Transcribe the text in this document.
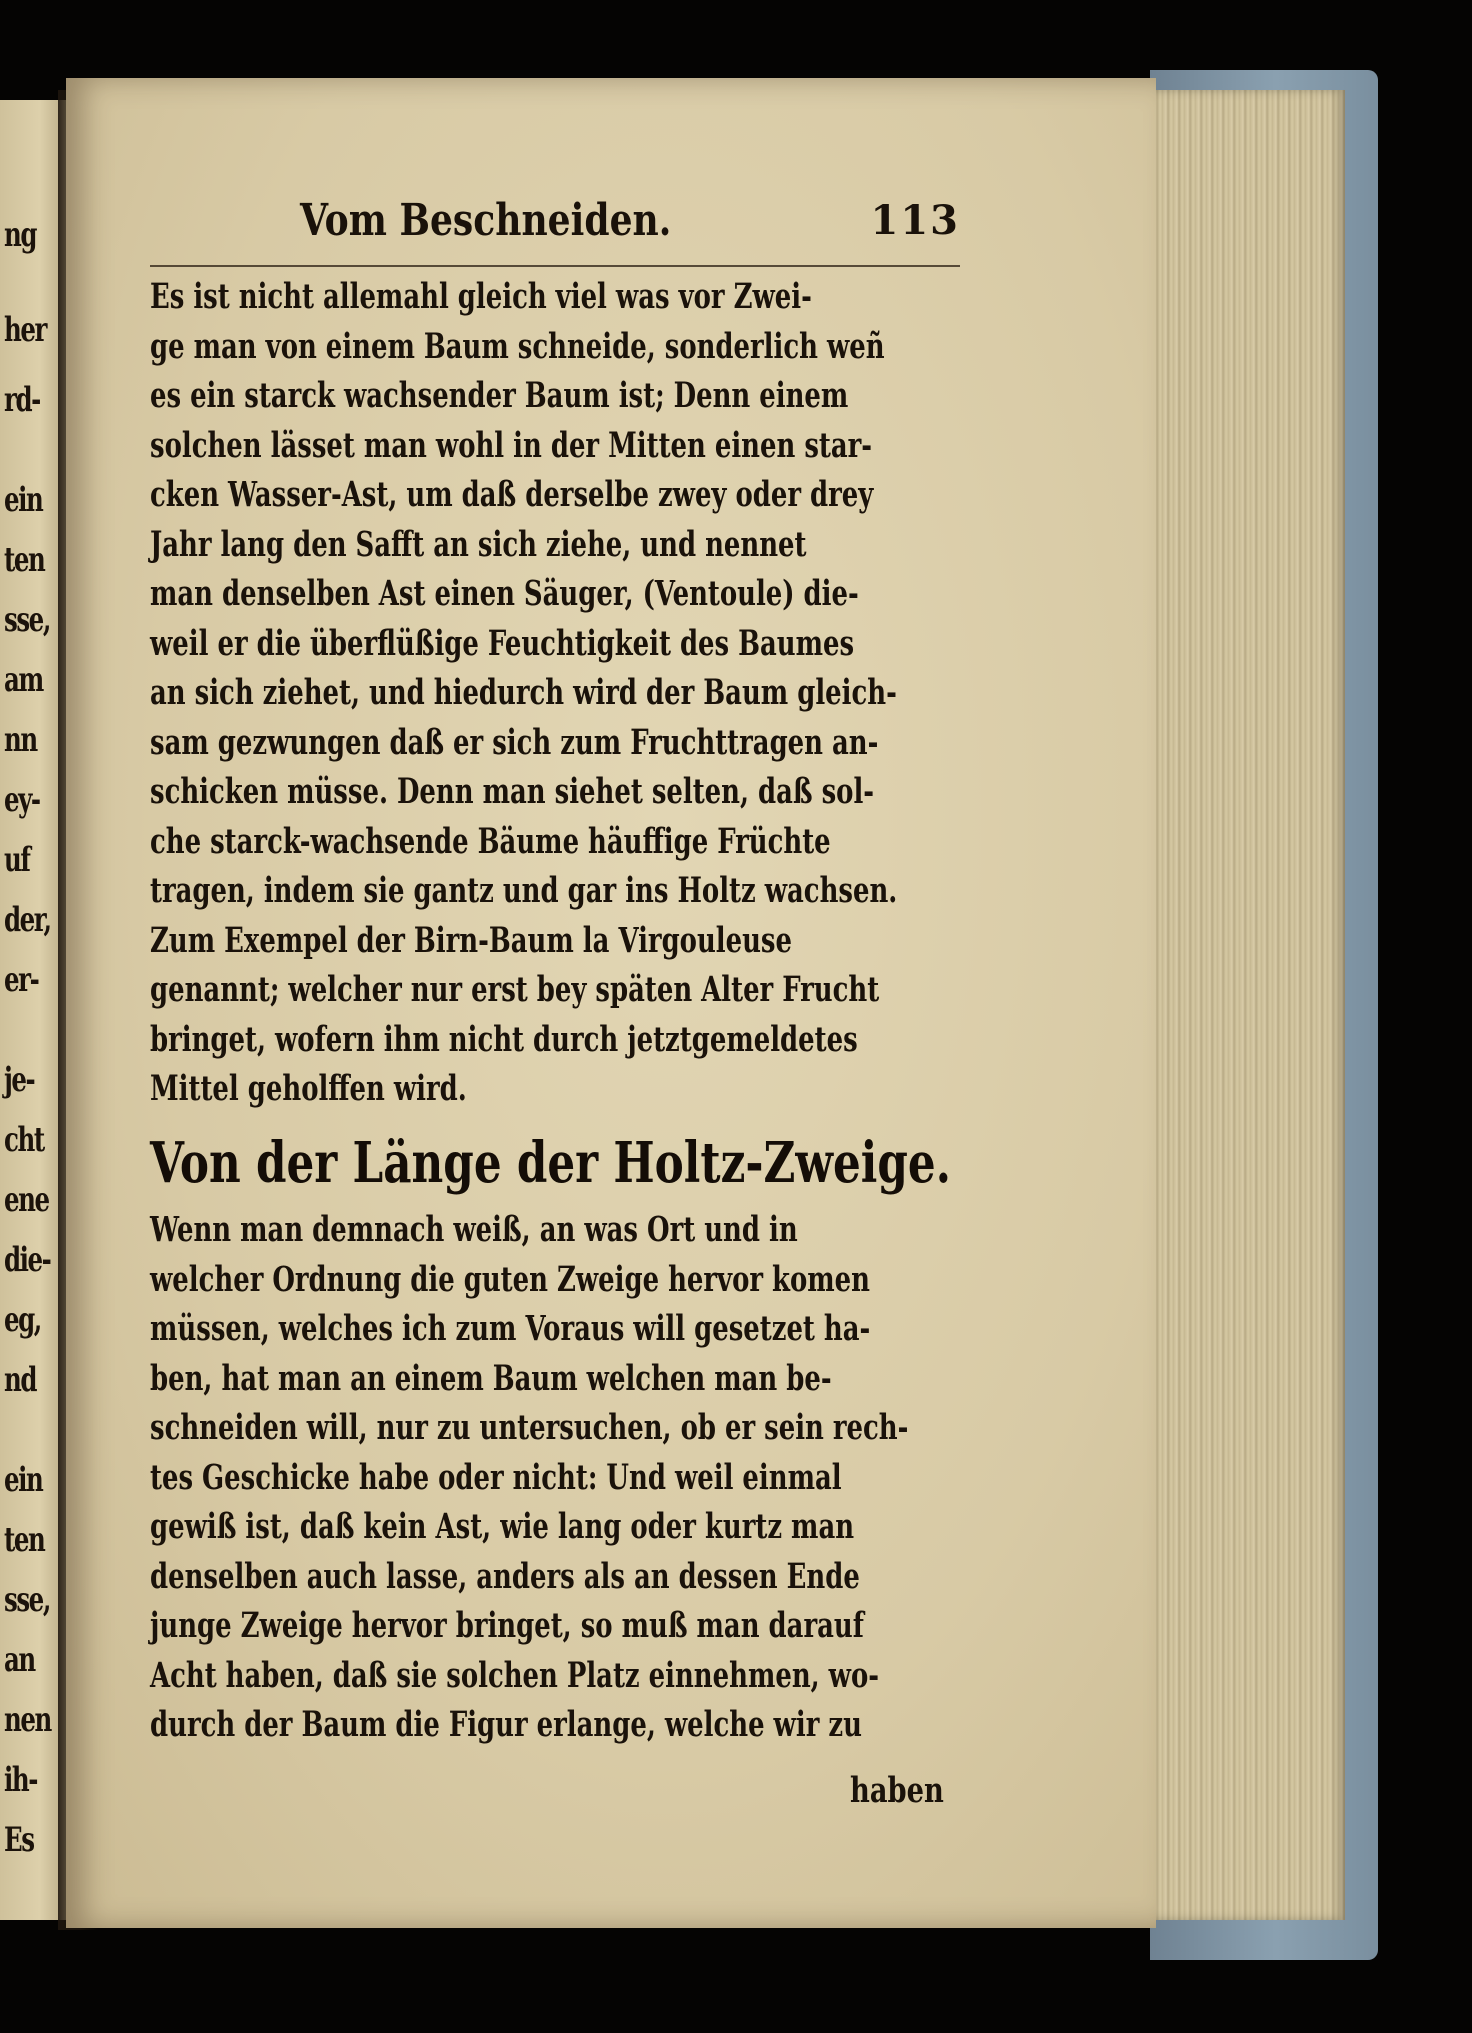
ng
her
rd-
ein
ten
sse,
am
nn
ey-
uf
der,
er-
je-
cht
ene
die-
eg,
nd
ein
ten
sse,
an
nen
ih-
Es
Vom Beschneiden.	113
Es ist nicht allemahl gleich viel was vor Zwei-
ge man von einem Baum schneide, sonderlich weñ
es ein starck wachsender Baum ist; Denn einem
solchen lässet man wohl in der Mitten einen star-
cken Wasser-Ast, um daß derselbe zwey oder drey
Jahr lang den Safft an sich ziehe, und nennet
man denselben Ast einen Säuger, (Ventoule) die-
weil er die überflüßige Feuchtigkeit des Baumes
an sich ziehet, und hiedurch wird der Baum gleich-
sam gezwungen daß er sich zum Fruchttragen an-
schicken müsse. Denn man siehet selten, daß sol-
che starck-wachsende Bäume häuffige Früchte
tragen, indem sie gantz und gar ins Holtz wachsen.
Zum Exempel der Birn-Baum la Virgouleuse
genannt; welcher nur erst bey späten Alter Frucht
bringet, wofern ihm nicht durch jetztgemeldetes
Mittel geholffen wird.
Von der Länge der Holtz-Zweige.
Wenn man demnach weiß, an was Ort und in
welcher Ordnung die guten Zweige hervor komen
müssen, welches ich zum Voraus will gesetzet ha-
ben, hat man an einem Baum welchen man be-
schneiden will, nur zu untersuchen, ob er sein rech-
tes Geschicke habe oder nicht: Und weil einmal
gewiß ist, daß kein Ast, wie lang oder kurtz man
denselben auch lasse, anders als an dessen Ende
junge Zweige hervor bringet, so muß man darauf
Acht haben, daß sie solchen Platz einnehmen, wo-
durch der Baum die Figur erlange, welche wir zu
haben
